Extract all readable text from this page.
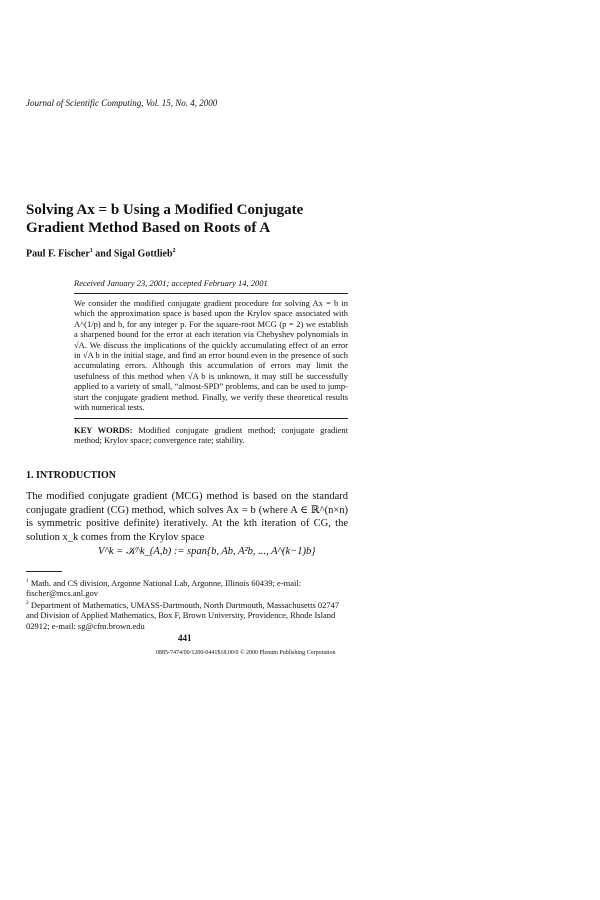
Journal of Scientific Computing, Vol. 15, No. 4, 2000
Solving Ax = b Using a Modified Conjugate
Gradient Method Based on Roots of A
Paul F. Fischer$^1$ and Sigal Gottlieb$^2$
Received January 23, 2001; accepted February 14, 2001
We consider the modified conjugate gradient procedure for solving Ax = b in which the approximation space is based upon the Krylov space associated with A^(1/p) and b, for any integer p. For the square-root MCG (p = 2) we establish a sharpened bound for the error at each iteration via Chebyshev polynomials in √A. We discuss the implications of the quickly accumulating effect of an error in √A b in the initial stage, and find an error bound even in the presence of such accumulating errors. Although this accumulation of errors may limit the usefulness of this method when √A b is unknown, it may still be successfully applied to a variety of small, “almost-SPD” problems, and can be used to jump-start the conjugate gradient method. Finally, we verify these theoretical results with numerical tests.
KEY WORDS: Modified conjugate gradient method; conjugate gradient method; Krylov space; convergence rate; stability.
1. INTRODUCTION
The modified conjugate gradient (MCG) method is based on the standard conjugate gradient (CG) method, which solves Ax = b (where A ∈ ℝ^(n×n) is symmetric positive definite) iteratively. At the kth iteration of CG, the solution x_k comes from the Krylov space
V^k = 𝒦^k_(A,b) := span{b, Ab, A²b, ..., A^(k−1)b}
$^1$ Math. and CS division, Argonne National Lab, Argonne, Illinois 60439; e-mail: fischer@mcs.anl.gov
$^2$ Department of Mathematics, UMASS-Dartmouth, North Dartmouth, Massachusetts 02747 and Division of Applied Mathematics, Box F, Brown University, Providence, Rhode Island 02912; e-mail: sg@cfm.brown.edu
441
0885-7474/00/1200-0441$18.00/0 © 2000 Plenum Publishing Corporation
